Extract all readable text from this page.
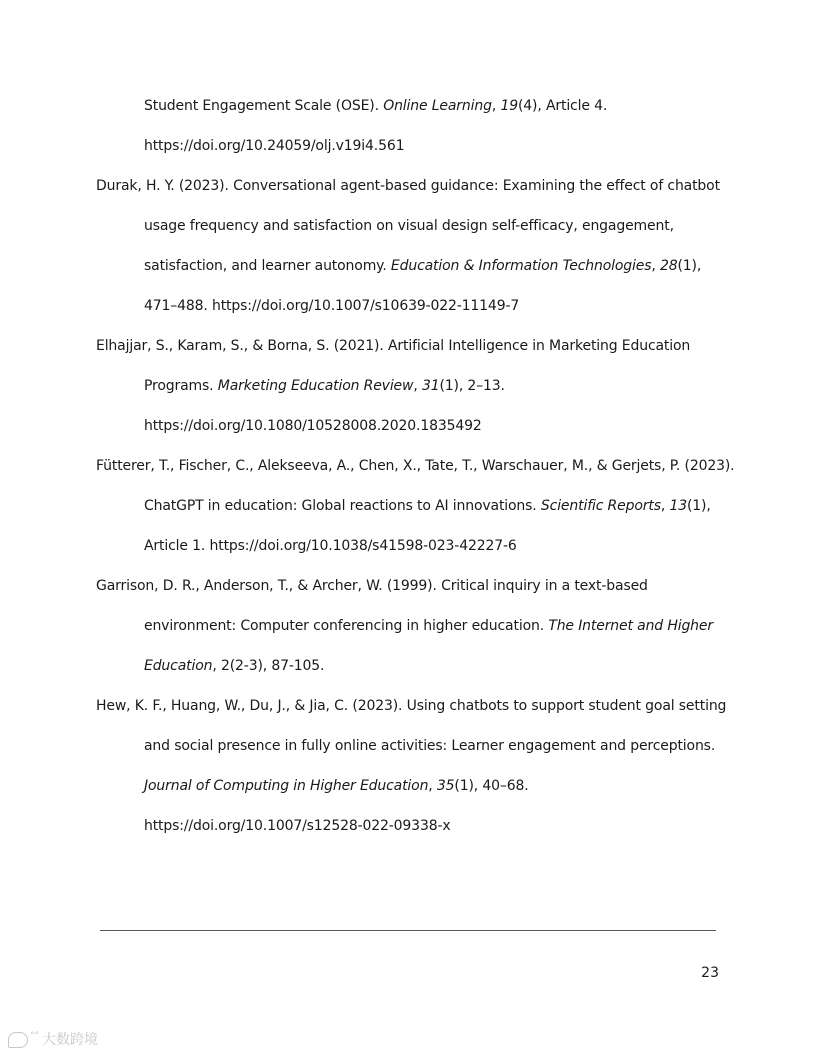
Student Engagement Scale (OSE). Online Learning, 19(4), Article 4.
https://doi.org/10.24059/olj.v19i4.561
Durak, H. Y. (2023). Conversational agent-based guidance: Examining the effect of chatbot
usage frequency and satisfaction on visual design self-efficacy, engagement,
satisfaction, and learner autonomy. Education & Information Technologies, 28(1),
471–488. https://doi.org/10.1007/s10639-022-11149-7
Elhajjar, S., Karam, S., & Borna, S. (2021). Artificial Intelligence in Marketing Education
Programs. Marketing Education Review, 31(1), 2–13.
https://doi.org/10.1080/10528008.2020.1835492
Fütterer, T., Fischer, C., Alekseeva, A., Chen, X., Tate, T., Warschauer, M., & Gerjets, P. (2023).
ChatGPT in education: Global reactions to AI innovations. Scientific Reports, 13(1),
Article 1. https://doi.org/10.1038/s41598-023-42227-6
Garrison, D. R., Anderson, T., & Archer, W. (1999). Critical inquiry in a text-based
environment: Computer conferencing in higher education. The Internet and Higher
Education, 2(2-3), 87-105.
Hew, K. F., Huang, W., Du, J., & Jia, C. (2023). Using chatbots to support student goal setting
and social presence in fully online activities: Learner engagement and perceptions.
Journal of Computing in Higher Education, 35(1), 40–68.
https://doi.org/10.1007/s12528-022-09338-x
23
°° 大数跨境
